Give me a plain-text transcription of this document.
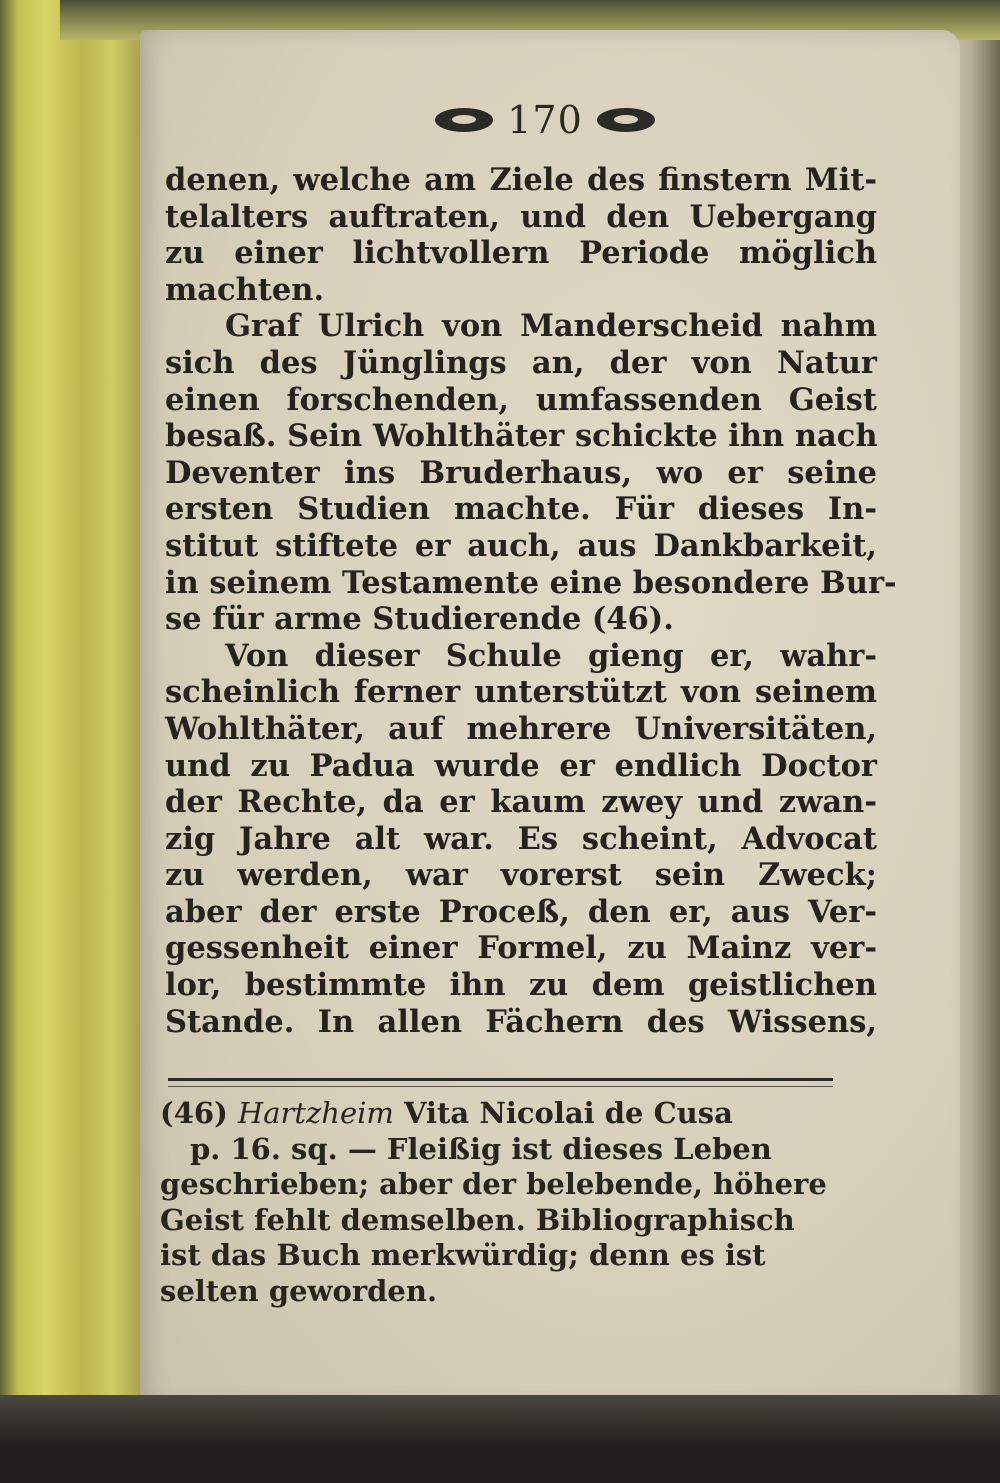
170
denen, welche am Ziele des finstern Mit-
telalters auftraten, und den Uebergang
zu einer lichtvollern Periode möglich
machten.
Graf Ulrich von Manderscheid nahm
sich des Jünglings an, der von Natur
einen forschenden, umfassenden Geist
besaß. Sein Wohlthäter schickte ihn nach
Deventer ins Bruderhaus, wo er seine
ersten Studien machte. Für dieses In-
stitut stiftete er auch, aus Dankbarkeit,
in seinem Testamente eine besondere Bur-
se für arme Studierende (46).
Von dieser Schule gieng er, wahr-
scheinlich ferner unterstützt von seinem
Wohlthäter, auf mehrere Universitäten,
und zu Padua wurde er endlich Doctor
der Rechte, da er kaum zwey und zwan-
zig Jahre alt war. Es scheint, Advocat
zu werden, war vorerst sein Zweck;
aber der erste Proceß, den er, aus Ver-
gessenheit einer Formel, zu Mainz ver-
lor, bestimmte ihn zu dem geistlichen
Stande. In allen Fächern des Wissens,
(46) Hartzheim Vita Nicolai de Cusa
p. 16. sq. — Fleißig ist dieses Leben
geschrieben; aber der belebende, höhere
Geist fehlt demselben. Bibliographisch
ist das Buch merkwürdig; denn es ist
selten geworden.
